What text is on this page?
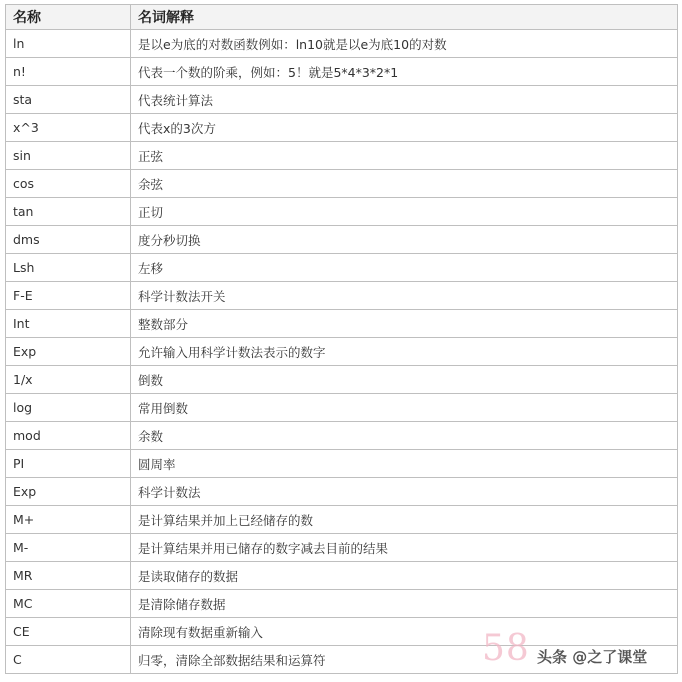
名称	名词解释
ln	是以e为底的对数函数例如：ln10就是以e为底10的对数
n!	代表一个数的阶乘，例如：5！就是5*4*3*2*1
sta	代表统计算法
x^3	代表x的3次方
sin	正弦
cos	余弦
tan	正切
dms	度分秒切换
Lsh	左移
F-E	科学计数法开关
Int	整数部分
Exp	允许输入用科学计数法表示的数字
1/x	倒数
log	常用倒数
mod	余数
PI	圆周率
Exp	科学计数法
M+	是计算结果并加上已经储存的数
M-	是计算结果并用已储存的数字减去目前的结果
MR	是读取储存的数据
MC	是清除储存数据
CE	清除现有数据重新输入
C	归零，清除全部数据结果和运算符	58 头条 @之了课堂
